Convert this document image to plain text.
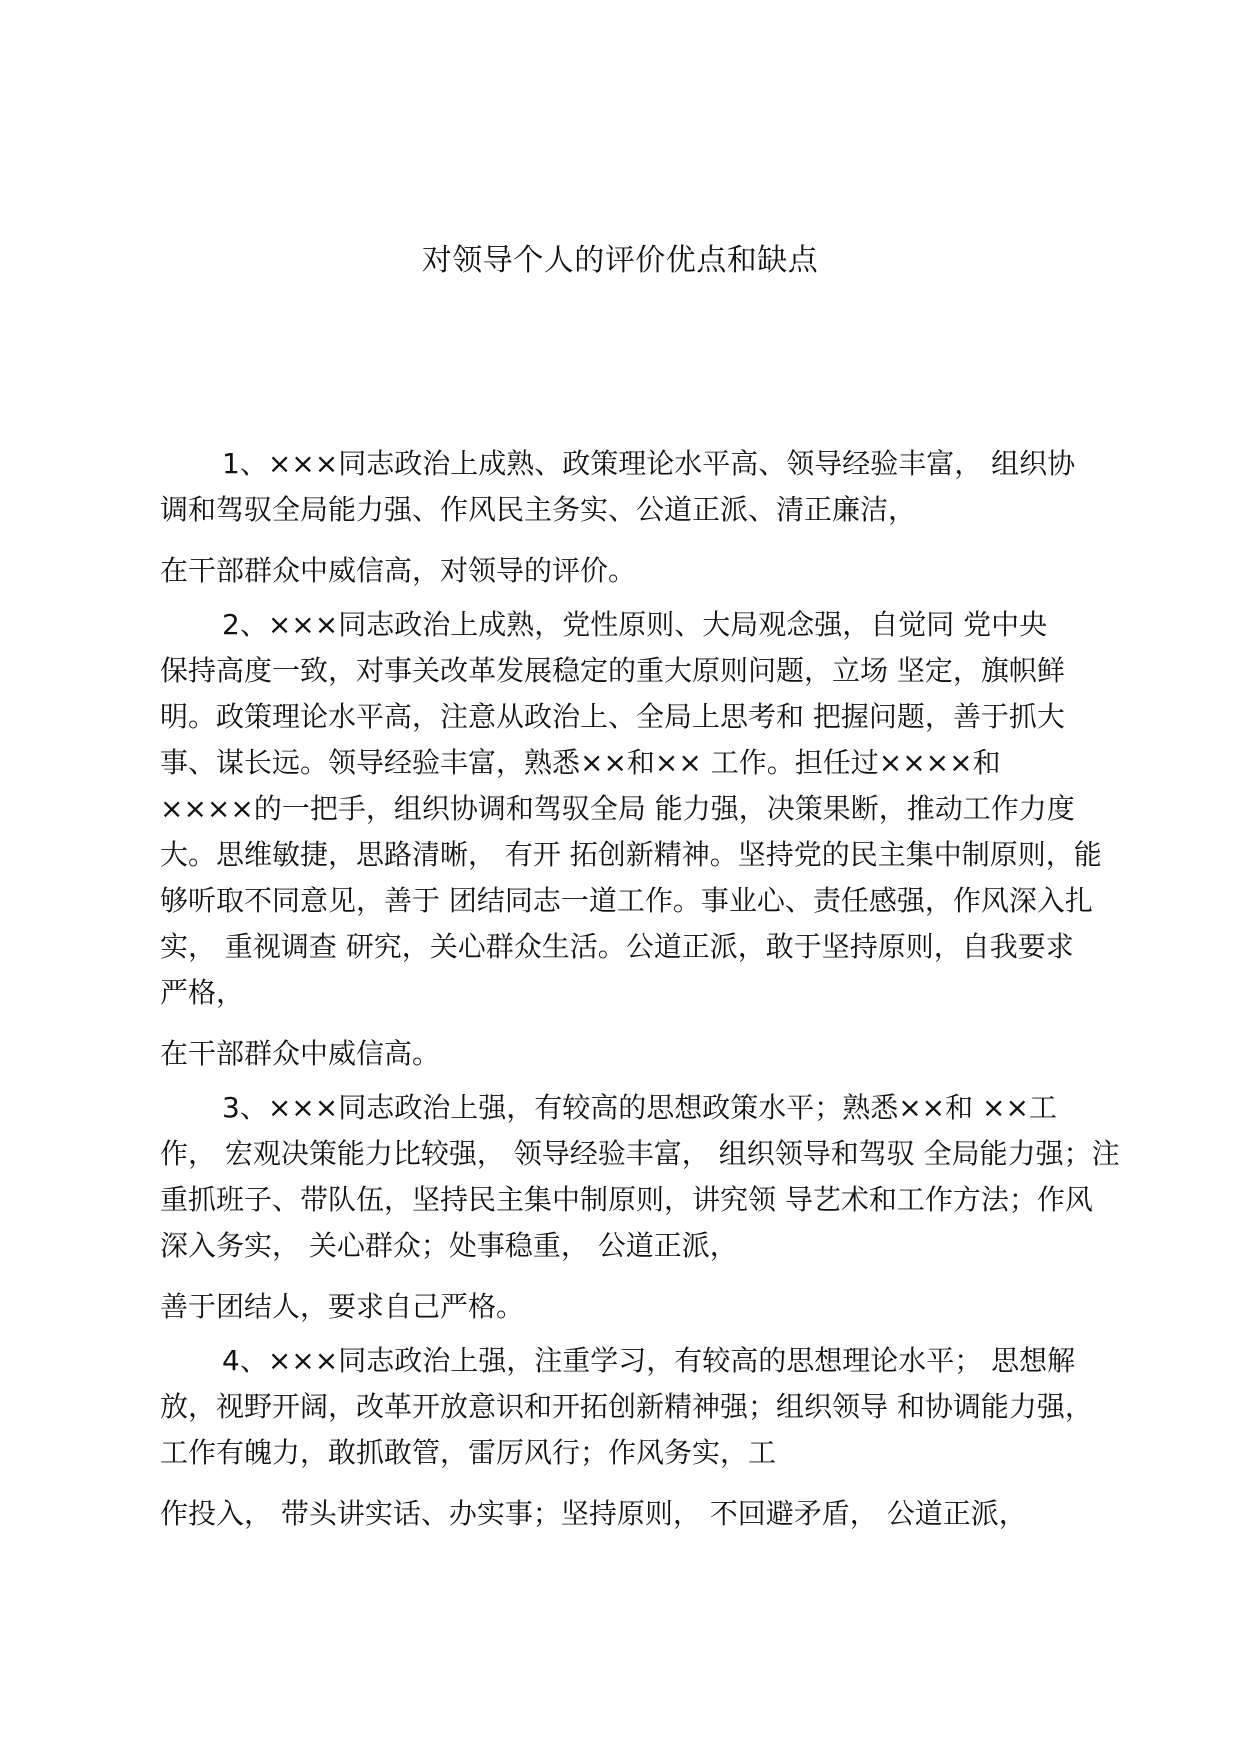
对领导个人的评价优点和缺点
1、×××同志政治上成熟、政策理论水平高、领导经验丰富， 组织协
调和驾驭全局能力强、作风民主务实、公道正派、清正廉洁，
在干部群众中威信高，对领导的评价。
2、×××同志政治上成熟，党性原则、大局观念强，自觉同 党中央
保持高度一致，对事关改革发展稳定的重大原则问题，立场 坚定，旗帜鲜
明。政策理论水平高，注意从政治上、全局上思考和 把握问题，善于抓大
事、谋长远。领导经验丰富，熟悉××和×× 工作。担任过××××和
××××的一把手，组织协调和驾驭全局 能力强，决策果断，推动工作力度
大。思维敏捷，思路清晰， 有开 拓创新精神。坚持党的民主集中制原则，能
够听取不同意见，善于 团结同志一道工作。事业心、责任感强，作风深入扎
实， 重视调查 研究，关心群众生活。公道正派，敢于坚持原则，自我要求
严格，
在干部群众中威信高。
3、×××同志政治上强，有较高的思想政策水平；熟悉××和 ××工
作， 宏观决策能力比较强， 领导经验丰富， 组织领导和驾驭 全局能力强；注
重抓班子、带队伍，坚持民主集中制原则，讲究领 导艺术和工作方法；作风
深入务实， 关心群众；处事稳重， 公道正派，
善于团结人，要求自己严格。
4、×××同志政治上强，注重学习，有较高的思想理论水平； 思想解
放，视野开阔，改革开放意识和开拓创新精神强；组织领导 和协调能力强，
工作有魄力，敢抓敢管，雷厉风行；作风务实，工
作投入， 带头讲实话、办实事；坚持原则， 不回避矛盾， 公道正派，
